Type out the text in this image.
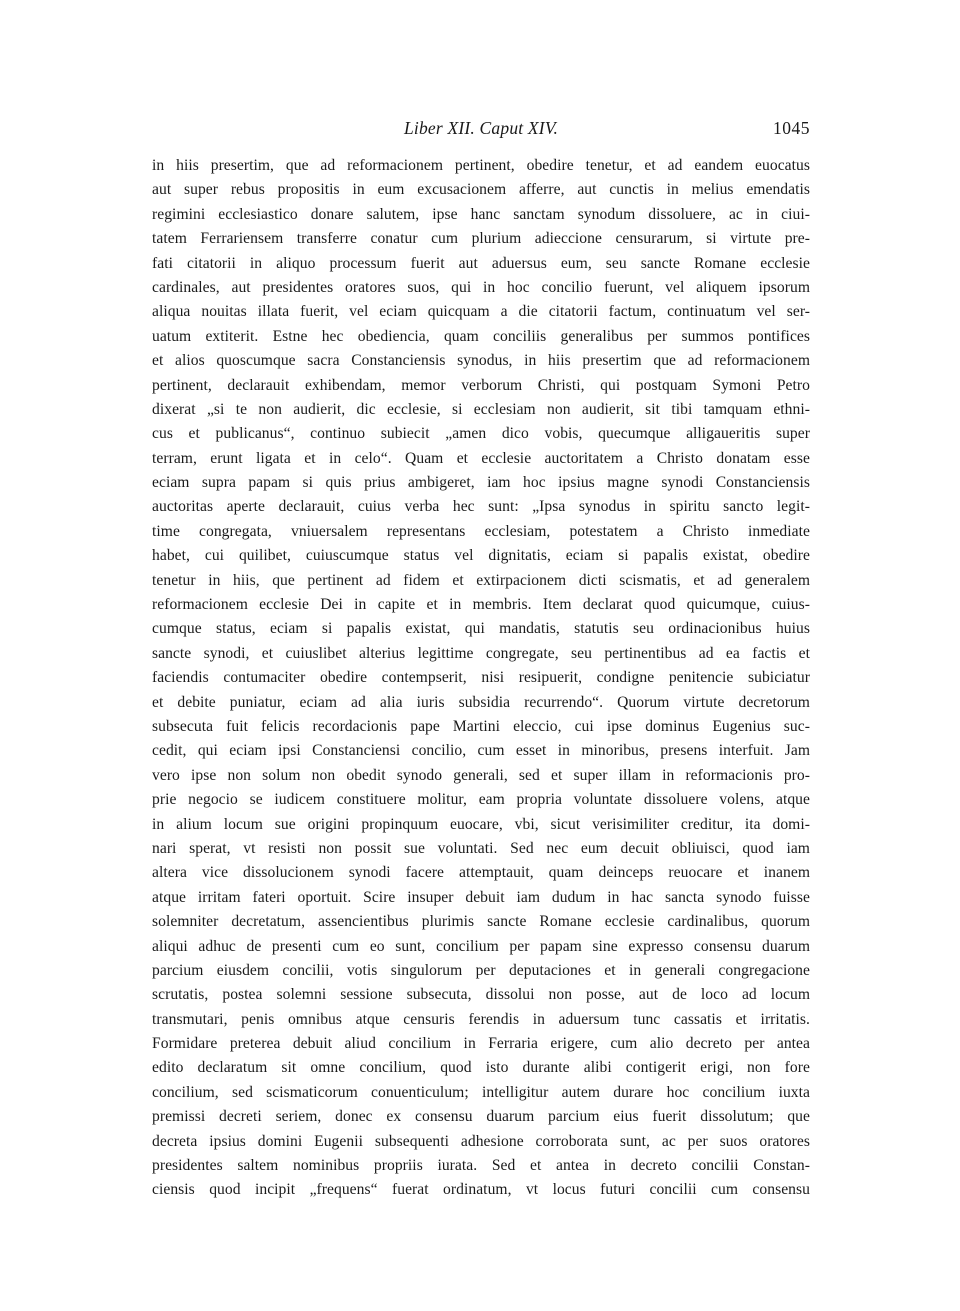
Liber XII. Caput XIV.	1045
in hiis presertim, que ad reformacionem pertinent, obedire tenetur, et ad eandem euocatus
aut super rebus propositis in eum excusacionem afferre, aut cunctis in melius emendatis
regimini ecclesiastico donare salutem, ipse hanc sanctam synodum dissoluere, ac in ciui-
tatem Ferrariensem transferre conatur cum plurium adieccione censurarum, si virtute pre-
fati citatorii in aliquo processum fuerit aut aduersus eum, seu sancte Romane ecclesie
cardinales, aut presidentes oratores suos, qui in hoc concilio fuerunt, vel aliquem ipsorum
aliqua nouitas illata fuerit, vel eciam quicquam a die citatorii factum, continuatum vel ser-
uatum extiterit. Estne hec obediencia, quam conciliis generalibus per summos pontifices
et alios quoscumque sacra Constanciensis synodus, in hiis presertim que ad reformacionem
pertinent, declarauit exhibendam, memor verborum Christi, qui postquam Symoni Petro
dixerat „si te non audierit, dic ecclesie, si ecclesiam non audierit, sit tibi tamquam ethni-
cus et publicanus“, continuo subiecit „amen dico vobis, quecumque alligaueritis super
terram, erunt ligata et in celo“. Quam et ecclesie auctoritatem a Christo donatam esse
eciam supra papam si quis prius ambigeret, iam hoc ipsius magne synodi Constanciensis
auctoritas aperte declarauit, cuius verba hec sunt: „Ipsa synodus in spiritu sancto legit-
time congregata, vniuersalem representans ecclesiam, potestatem a Christo inmediate
habet, cui quilibet, cuiuscumque status vel dignitatis, eciam si papalis existat, obedire
tenetur in hiis, que pertinent ad fidem et extirpacionem dicti scismatis, et ad generalem
reformacionem ecclesie Dei in capite et in membris. Item declarat quod quicumque, cuius-
cumque status, eciam si papalis existat, qui mandatis, statutis seu ordinacionibus huius
sancte synodi, et cuiuslibet alterius legittime congregate, seu pertinentibus ad ea factis et
faciendis contumaciter obedire contempserit, nisi resipuerit, condigne penitencie subiciatur
et debite puniatur, eciam ad alia iuris subsidia recurrendo“. Quorum virtute decretorum
subsecuta fuit felicis recordacionis pape Martini eleccio, cui ipse dominus Eugenius suc-
cedit, qui eciam ipsi Constanciensi concilio, cum esset in minoribus, presens interfuit. Jam
vero ipse non solum non obedit synodo generali, sed et super illam in reformacionis pro-
prie negocio se iudicem constituere molitur, eam propria voluntate dissoluere volens, atque
in alium locum sue origini propinquum euocare, vbi, sicut verisimiliter creditur, ita domi-
nari sperat, vt resisti non possit sue voluntati. Sed nec eum decuit obliuisci, quod iam
altera vice dissolucionem synodi facere attemptauit, quam deinceps reuocare et inanem
atque irritam fateri oportuit. Scire insuper debuit iam dudum in hac sancta synodo fuisse
solemniter decretatum, assencientibus plurimis sancte Romane ecclesie cardinalibus, quorum
aliqui adhuc de presenti cum eo sunt, concilium per papam sine expresso consensu duarum
parcium eiusdem concilii, votis singulorum per deputaciones et in generali congregacione
scrutatis, postea solemni sessione subsecuta, dissolui non posse, aut de loco ad locum
transmutari, penis omnibus atque censuris ferendis in aduersum tunc cassatis et irritatis.
Formidare preterea debuit aliud concilium in Ferraria erigere, cum alio decreto per antea
edito declaratum sit omne concilium, quod isto durante alibi contigerit erigi, non fore
concilium, sed scismaticorum conuenticulum; intelligitur autem durare hoc concilium iuxta
premissi decreti seriem, donec ex consensu duarum parcium eius fuerit dissolutum; que
decreta ipsius domini Eugenii subsequenti adhesione corroborata sunt, ac per suos oratores
presidentes saltem nominibus propriis iurata. Sed et antea in decreto concilii Constan-
ciensis quod incipit „frequens“ fuerat ordinatum, vt locus futuri concilii cum consensu
